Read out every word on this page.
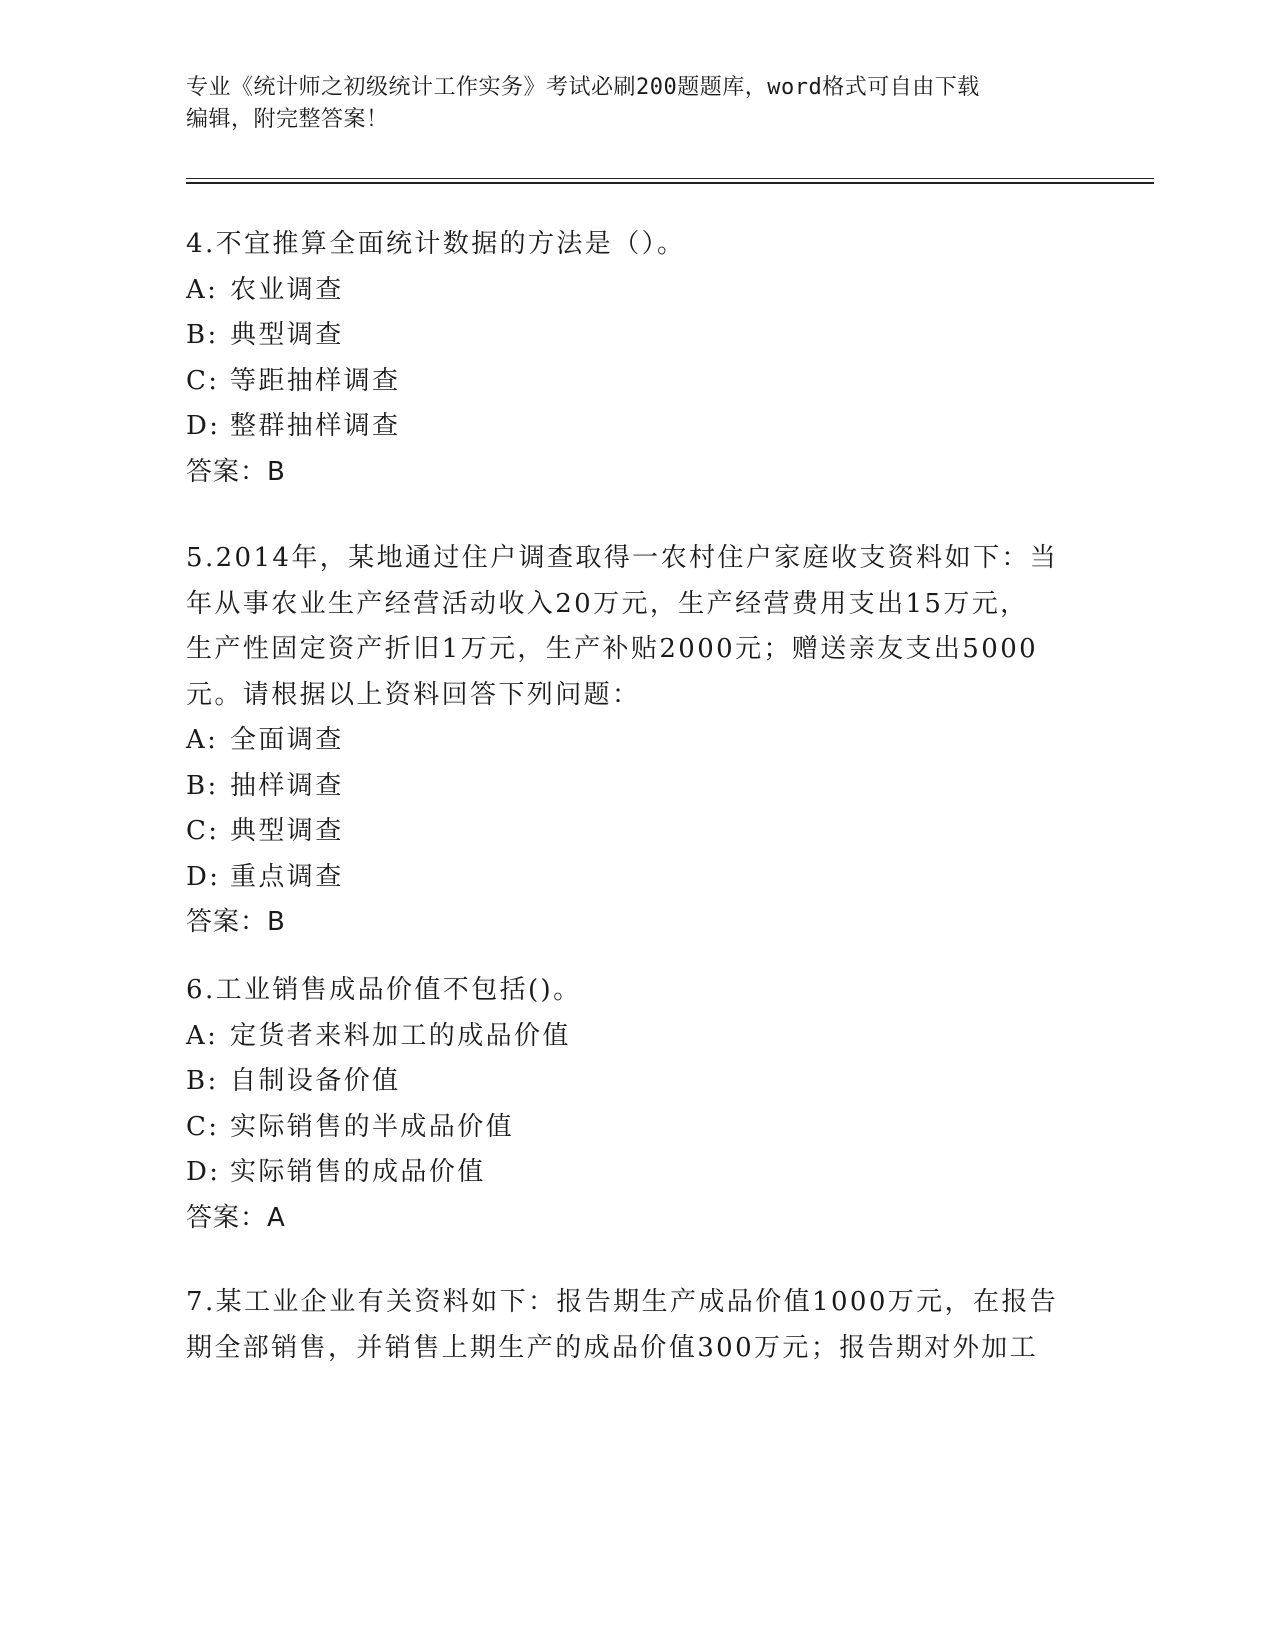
专业《统计师之初级统计工作实务》考试必刷200题题库，word格式可自由下载
编辑，附完整答案！
4.不宜推算全面统计数据的方法是（）。
A: 农业调查
B: 典型调查
C: 等距抽样调查
D: 整群抽样调查
答案：B
5.2014年，某地通过住户调查取得一农村住户家庭收支资料如下：当
年从事农业生产经营活动收入20万元，生产经营费用支出15万元，
生产性固定资产折旧1万元，生产补贴2000元；赠送亲友支出5000
元。请根据以上资料回答下列问题：
A: 全面调查
B: 抽样调查
C: 典型调查
D: 重点调查
答案：B
6.工业销售成品价值不包括()。
A: 定货者来料加工的成品价值
B: 自制设备价值
C: 实际销售的半成品价值
D: 实际销售的成品价值
答案：A
7.某工业企业有关资料如下：报告期生产成品价值1000万元，在报告
期全部销售，并销售上期生产的成品价值300万元；报告期对外加工
